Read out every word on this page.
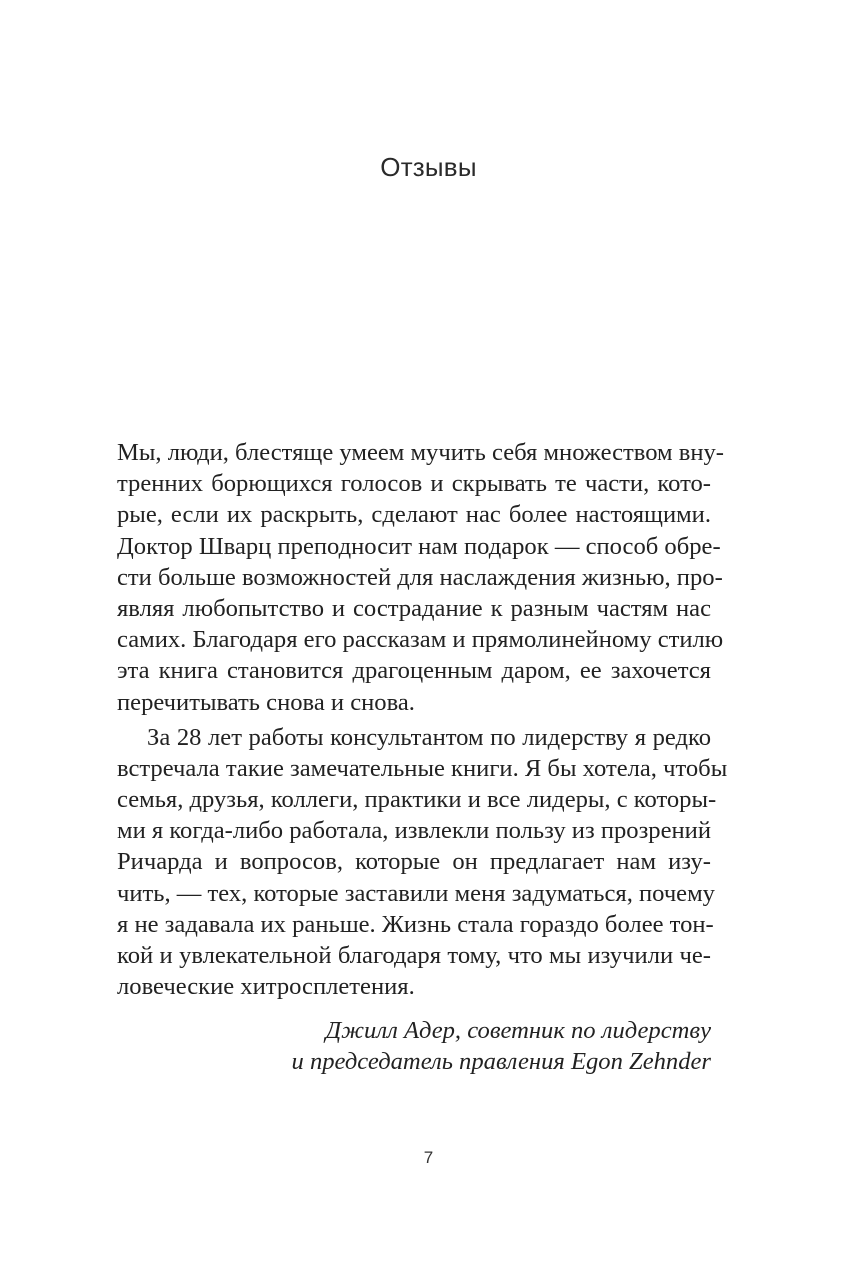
Отзывы
Мы, люди, блестяще умеем мучить себя множеством вну-
тренних борющихся голосов и скрывать те части, кото-
рые, если их раскрыть, сделают нас более настоящими.
Доктор Шварц преподносит нам подарок — способ обре-
сти больше возможностей для наслаждения жизнью, про-
являя любопытство и сострадание к разным частям нас
самих. Благодаря его рассказам и прямолинейному стилю
эта книга становится драгоценным даром, ее захочется
перечитывать снова и снова.
За 28 лет работы консультантом по лидерству я редко
встречала такие замечательные книги. Я бы хотела, чтобы
семья, друзья, коллеги, практики и все лидеры, с которы-
ми я когда-либо работала, извлекли пользу из прозрений
Ричарда и вопросов, которые он предлагает нам изу-
чить, — тех, которые заставили меня задуматься, почему
я не задавала их раньше. Жизнь стала гораздо более тон-
кой и увлекательной благодаря тому, что мы изучили че-
ловеческие хитросплетения.
Джилл Адер, советник по лидерству
и председатель правления Egon Zehnder
7
